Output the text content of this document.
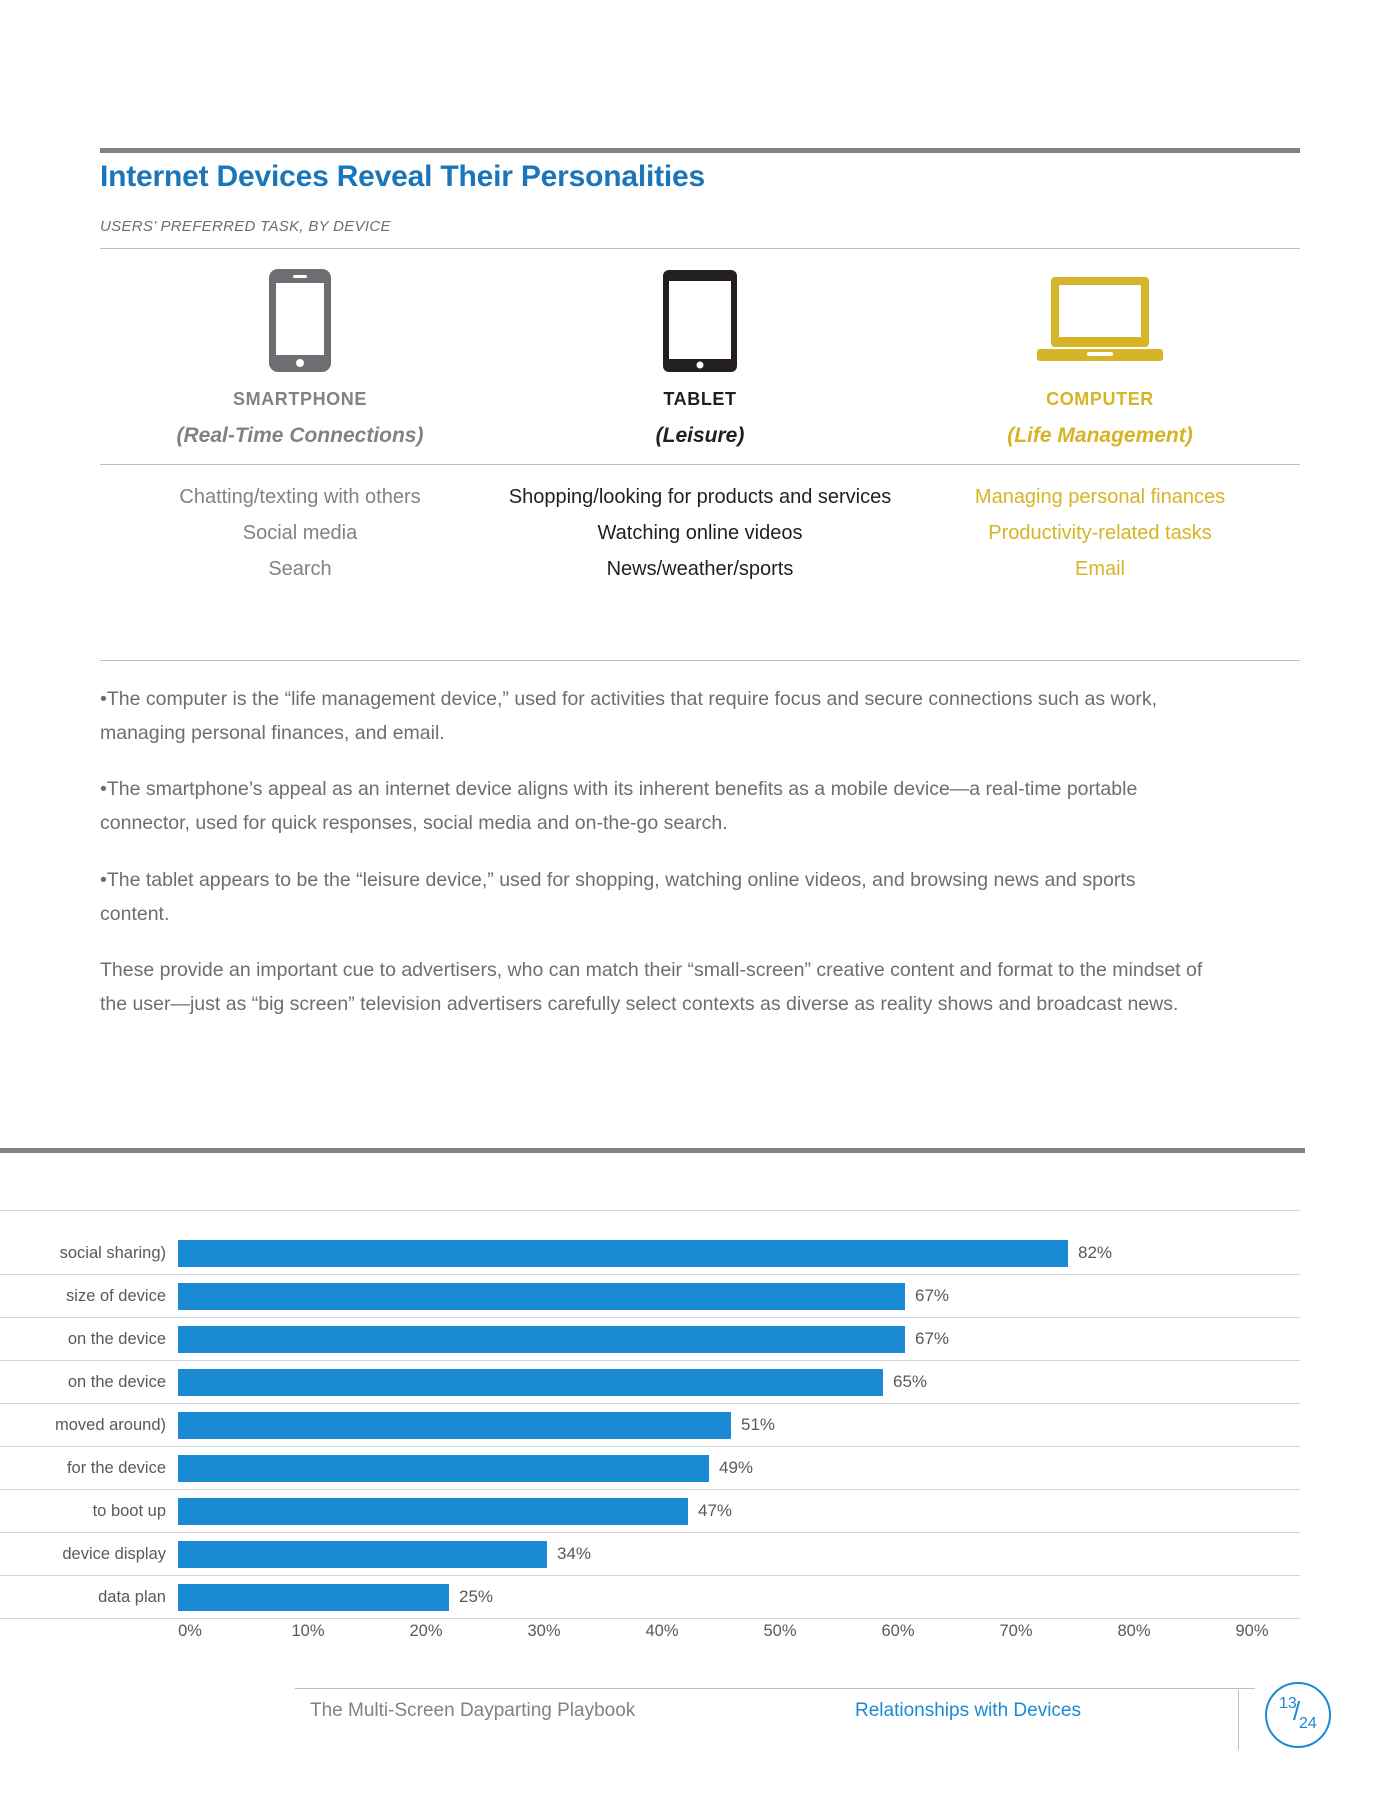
Internet Devices Reveal Their Personalities
USERS’ PREFERRED TASK, BY DEVICE
SMARTPHONE
(Real-Time Connections)
Chatting/texting with others
Social media
Search
TABLET
(Leisure)
Shopping/looking for products and services
Watching online videos
News/weather/sports
COMPUTER
(Life Management)
Managing personal finances
Productivity-related tasks
Email

•The computer is the “life management device,” used for activities that require focus and secure connections such as work, managing personal finances, and email.

•The smartphone’s appeal as an internet device aligns with its inherent benefits as a mobile device—a real-time portable connector, used for quick responses, social media and on-the-go search.

•The tablet appears to be the “leisure device,” used for shopping, watching online videos, and browsing news and sports content.

These provide an important cue to advertisers, who can match their “small-screen” creative content and format to the mindset of the user—just as “big screen” television advertisers carefully select contexts as diverse as reality shows and broadcast news.

social sharing)	82%
size of device	67%
on the device	67%
on the device	65%
moved around)	51%
for the device	49%
to boot up	47%
device display	34%
data plan	25%
0%	10%	20%	30%	40%	50%	60%	70%	80%	90%
The Multi-Screen Dayparting Playbook	Relationships with Devices	13
/
24
